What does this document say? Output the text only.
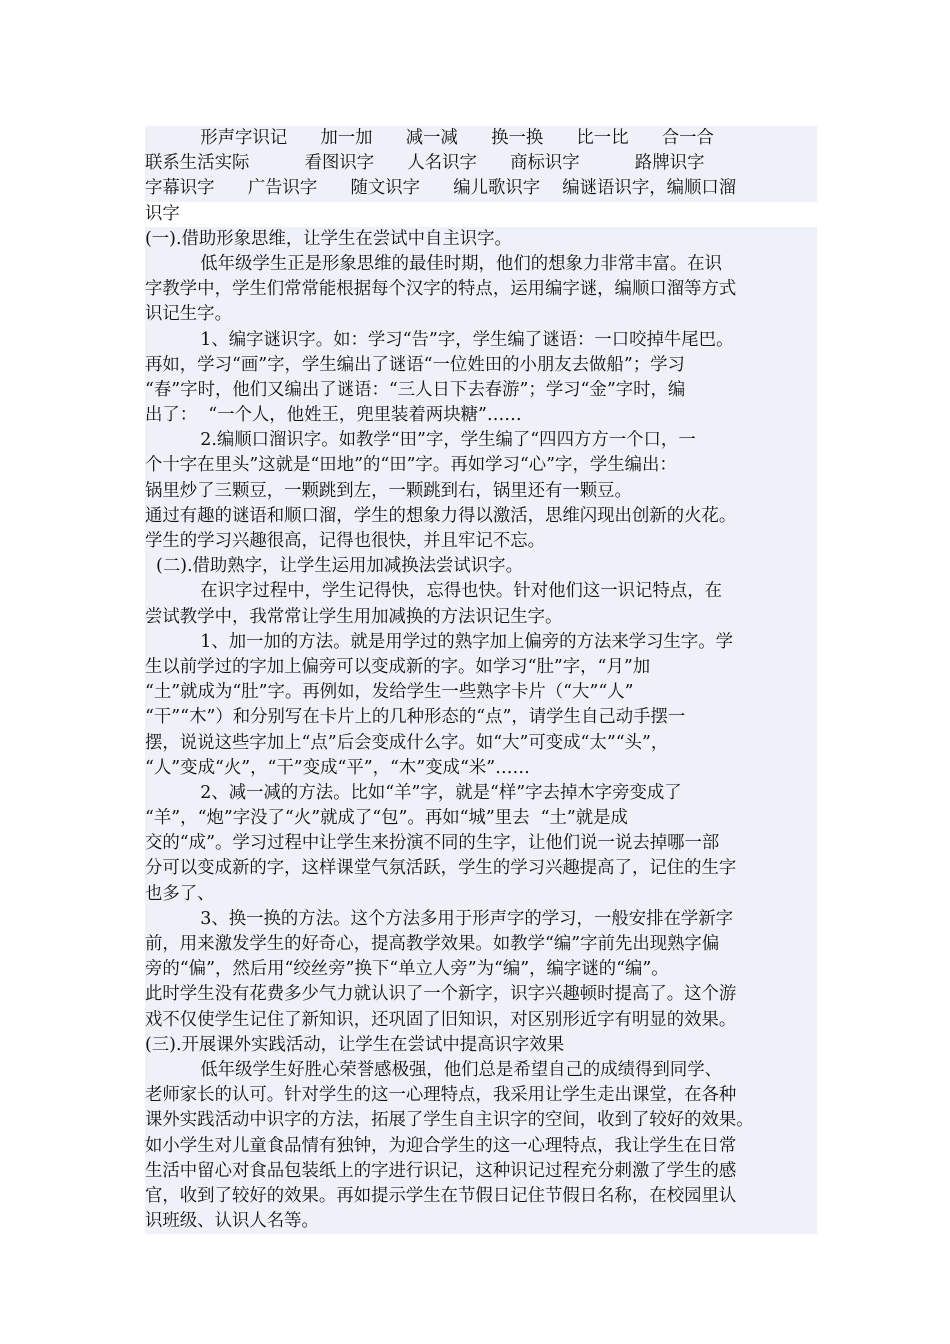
形声字识记      加一加      减一减      换一换      比一比      合一合
联系生活实际          看图识字      人名识字      商标识字          路牌识字
字幕识字      广告识字      随文识字      编儿歌识字    编谜语识字，编顺口溜
识字
(一).借助形象思维，让学生在尝试中自主识字。
低年级学生正是形象思维的最佳时期，他们的想象力非常丰富。在识
字教学中，学生们常常能根据每个汉字的特点，运用编字谜，编顺口溜等方式
识记生字。
1、编字谜识字。如：学习“告”字，学生编了谜语：一口咬掉牛尾巴。
再如，学习“画”字，学生编出了谜语“一位姓田的小朋友去做船”；学习
“春”字时，他们又编出了谜语：“三人日下去春游”；学习“金”字时，编
出了：  “一个人，他姓王，兜里装着两块糖”……
2.编顺口溜识字。如教学“田”字，学生编了“四四方方一个口，一
个十字在里头”这就是“田地”的“田”字。再如学习“心”字，学生编出：
锅里炒了三颗豆，一颗跳到左，一颗跳到右，锅里还有一颗豆。
通过有趣的谜语和顺口溜，学生的想象力得以激活，思维闪现出创新的火花。
学生的学习兴趣很高，记得也很快，并且牢记不忘。
(二).借助熟字，让学生运用加减换法尝试识字。
在识字过程中，学生记得快，忘得也快。针对他们这一识记特点，在
尝试教学中，我常常让学生用加减换的方法识记生字。
1、加一加的方法。就是用学过的熟字加上偏旁的方法来学习生字。学
生以前学过的字加上偏旁可以变成新的字。如学习“肚”字，“月”加
“土”就成为“肚”字。再例如，发给学生一些熟字卡片（“大”“人”
“干”“木”）和分别写在卡片上的几种形态的“点”，请学生自己动手摆一
摆，说说这些字加上“点”后会变成什么字。如“大”可变成“太”“头”，
“人”变成“火”，“干”变成“平”，“木”变成“米”……
2、减一减的方法。比如“羊”字，就是“样”字去掉木字旁变成了
“羊”，“炮”字没了“火”就成了“包”。再如“城”里去  “土”就是成
交的“成”。学习过程中让学生来扮演不同的生字，让他们说一说去掉哪一部
分可以变成新的字，这样课堂气氛活跃，学生的学习兴趣提高了，记住的生字
也多了、
3、换一换的方法。这个方法多用于形声字的学习，一般安排在学新字
前，用来激发学生的好奇心，提高教学效果。如教学“编”字前先出现熟字偏
旁的“偏”，然后用“绞丝旁”换下“单立人旁”为“编”，编字谜的“编”。
此时学生没有花费多少气力就认识了一个新字，识字兴趣顿时提高了。这个游
戏不仅使学生记住了新知识，还巩固了旧知识，对区别形近字有明显的效果。
(三).开展课外实践活动，让学生在尝试中提高识字效果
低年级学生好胜心荣誉感极强，他们总是希望自己的成绩得到同学、
老师家长的认可。针对学生的这一心理特点，我采用让学生走出课堂，在各种
课外实践活动中识字的方法，拓展了学生自主识字的空间，收到了较好的效果。
如小学生对儿童食品情有独钟，为迎合学生的这一心理特点，我让学生在日常
生活中留心对食品包装纸上的字进行识记，这种识记过程充分刺激了学生的感
官，收到了较好的效果。再如提示学生在节假日记住节假日名称，在校园里认
识班级、认识人名等。
